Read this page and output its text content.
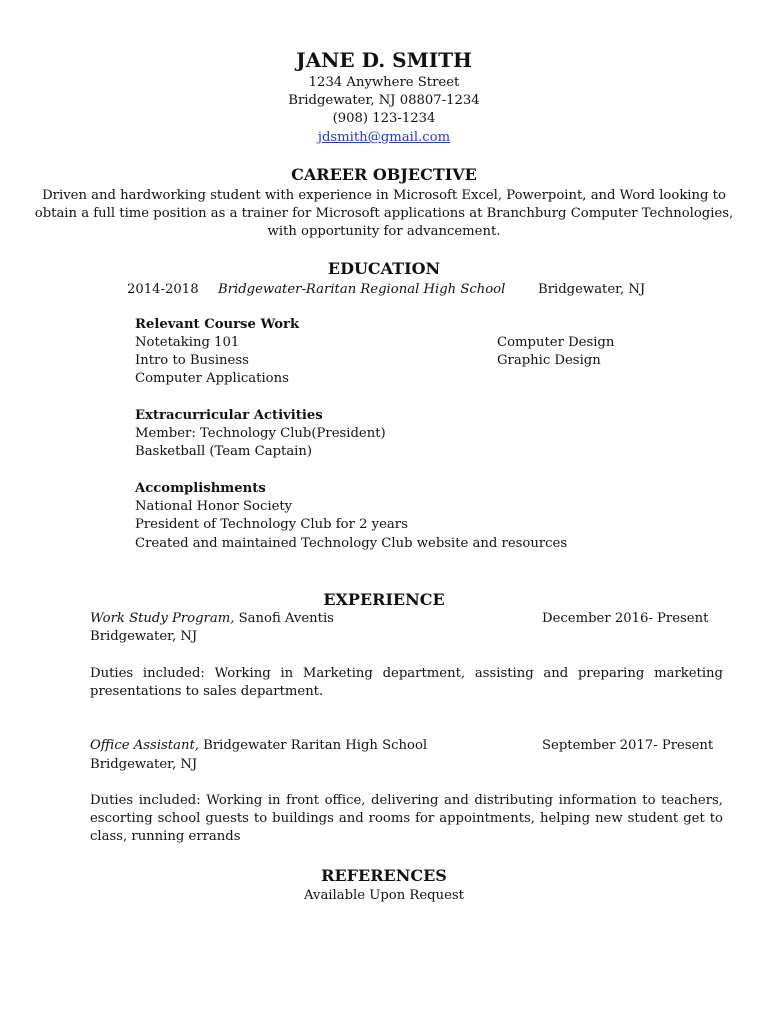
JANE D. SMITH
1234 Anywhere Street
Bridgewater, NJ 08807-1234
(908) 123-1234
jdsmith@gmail.com
CAREER OBJECTIVE
Driven and hardworking student with experience in Microsoft Excel, Powerpoint, and Word looking to
obtain a full time position as a trainer for Microsoft applications at Branchburg Computer Technologies,
with opportunity for advancement.
EDUCATION
2014-2018 Bridgewater-Raritan Regional High School Bridgewater, NJ
Relevant Course Work
Notetaking 101
Intro to Business
Computer Applications
Computer Design
Graphic Design
Extracurricular Activities
Member: Technology Club(President)
Basketball (Team Captain)
Accomplishments
National Honor Society
President of Technology Club for 2 years
Created and maintained Technology Club website and resources
EXPERIENCE
Work Study Program, Sanofi Aventis	December 2016- Present
Bridgewater, NJ
Duties included: Working in Marketing department, assisting and preparing marketing presentations to sales department.
Office Assistant, Bridgewater Raritan High School	September 2017- Present
Bridgewater, NJ
Duties included: Working in front office, delivering and distributing information to teachers, escorting school guests to buildings and rooms for appointments, helping new student get to class, running errands
REFERENCES
Available Upon Request
